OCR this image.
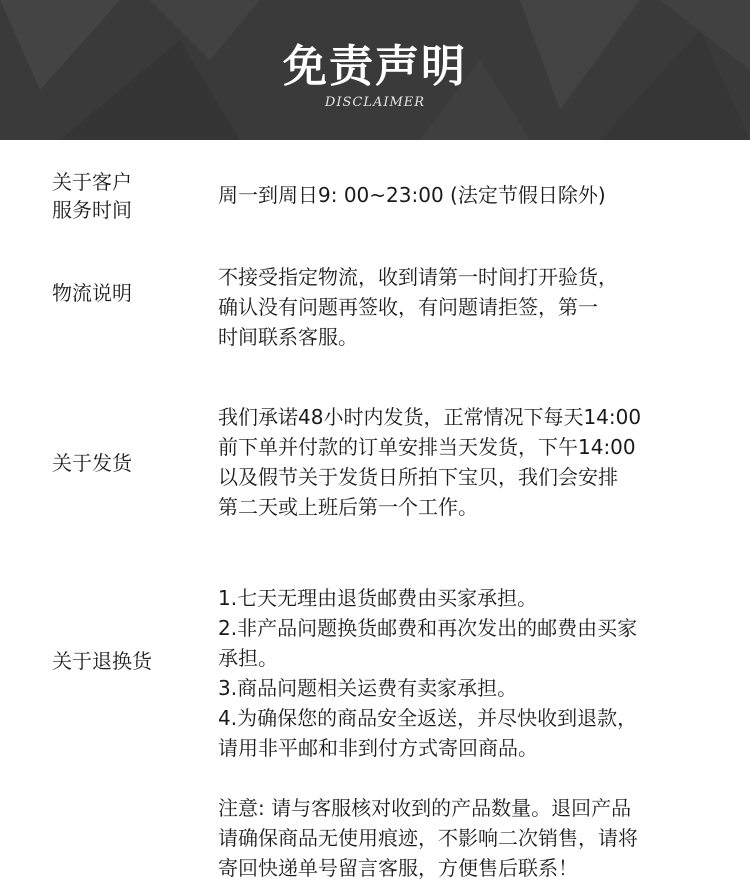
免责声明
DISCLAIMER
关于客户
服务时间

周一到周日9: 00~23:00 (法定节假日除外)

物流说明

不接受指定物流，收到请第一时间打开验货，

确认没有问题再签收，有问题请拒签，第一

时间联系客服。

关于发货

我们承诺48小时内发货，正常情况下每天14:00

前下单并付款的订单安排当天发货，下午14:00

以及假节关于发货日所拍下宝贝，我们会安排

第二天或上班后第一个工作。

关于退换货

1.七天无理由退货邮费由买家承担。

2.非产品问题换货邮费和再次发出的邮费由买家

承担。

3.商品问题相关运费有卖家承担。

4.为确保您的商品安全返送，并尽快收到退款，

请用非平邮和非到付方式寄回商品。

注意: 请与客服核对收到的产品数量。退回产品

请确保商品无使用痕迹，不影响二次销售，请将

寄回快递单号留言客服，方便售后联系！
